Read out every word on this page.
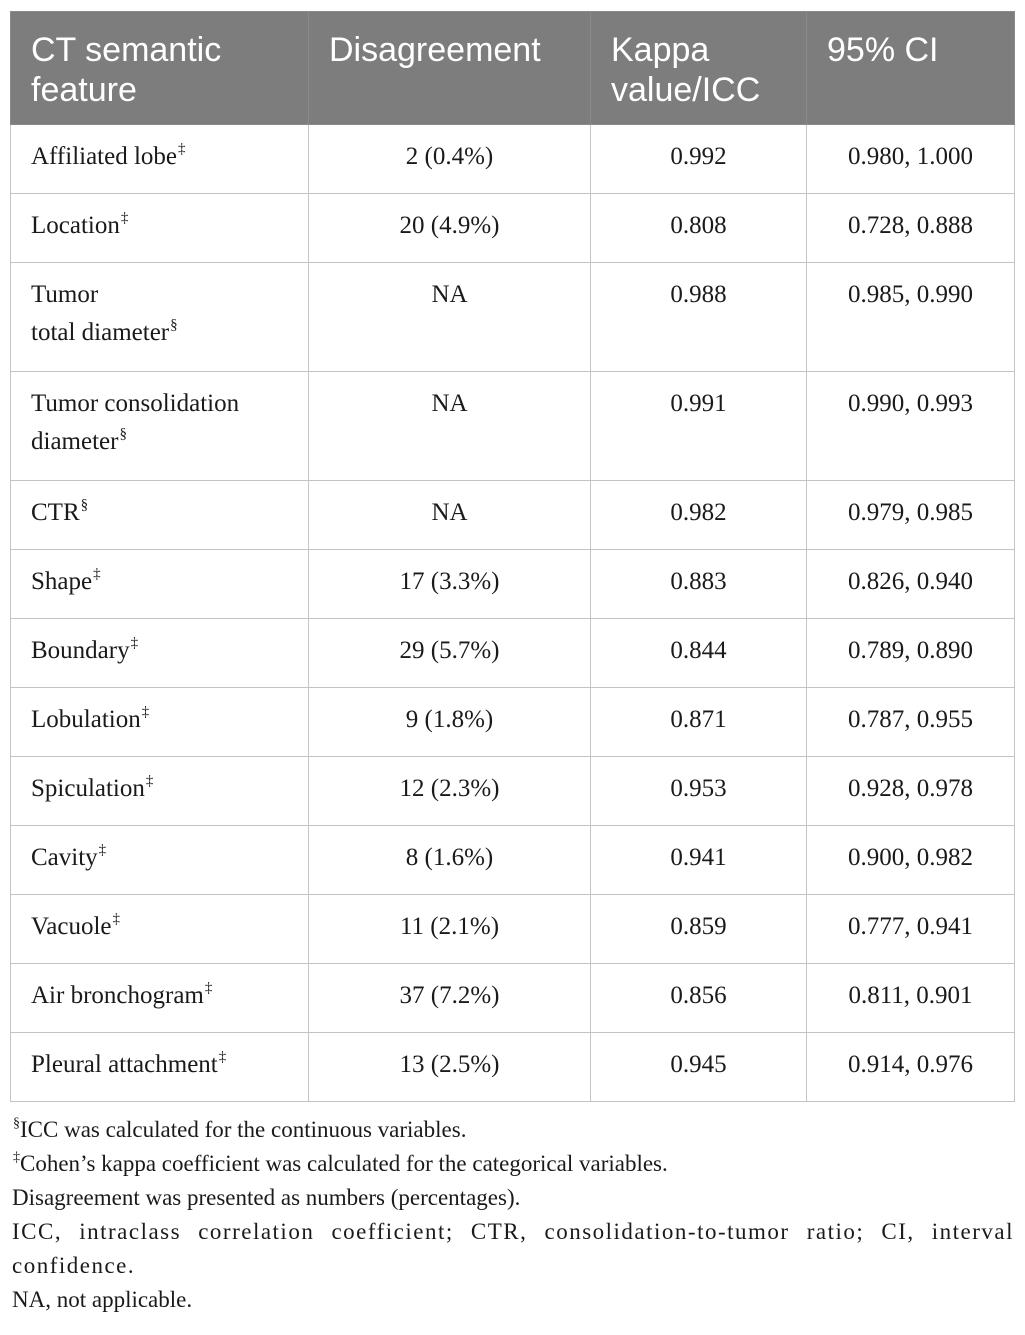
CT semantic feature	Disagreement	Kappa value/ICC	95% CI
Affiliated lobe‡	2 (0.4%)	0.992	0.980, 1.000
Location‡	20 (4.9%)	0.808	0.728, 0.888
Tumor
total diameter§	NA	0.988	0.985, 0.990
Tumor consolidation
diameter§	NA	0.991	0.990, 0.993
CTR§	NA	0.982	0.979, 0.985
Shape‡	17 (3.3%)	0.883	0.826, 0.940
Boundary‡	29 (5.7%)	0.844	0.789, 0.890
Lobulation‡	9 (1.8%)	0.871	0.787, 0.955
Spiculation‡	12 (2.3%)	0.953	0.928, 0.978
Cavity‡	8 (1.6%)	0.941	0.900, 0.982
Vacuole‡	11 (2.1%)	0.859	0.777, 0.941
Air bronchogram‡	37 (7.2%)	0.856	0.811, 0.901
Pleural attachment‡	13 (2.5%)	0.945	0.914, 0.976

§ICC was calculated for the continuous variables.

‡Cohen’s kappa coefficient was calculated for the categorical variables.

Disagreement was presented as numbers (percentages).

ICC, intraclass correlation coefficient; CTR, consolidation-to-tumor ratio; CI, interval confidence.

NA, not applicable.
